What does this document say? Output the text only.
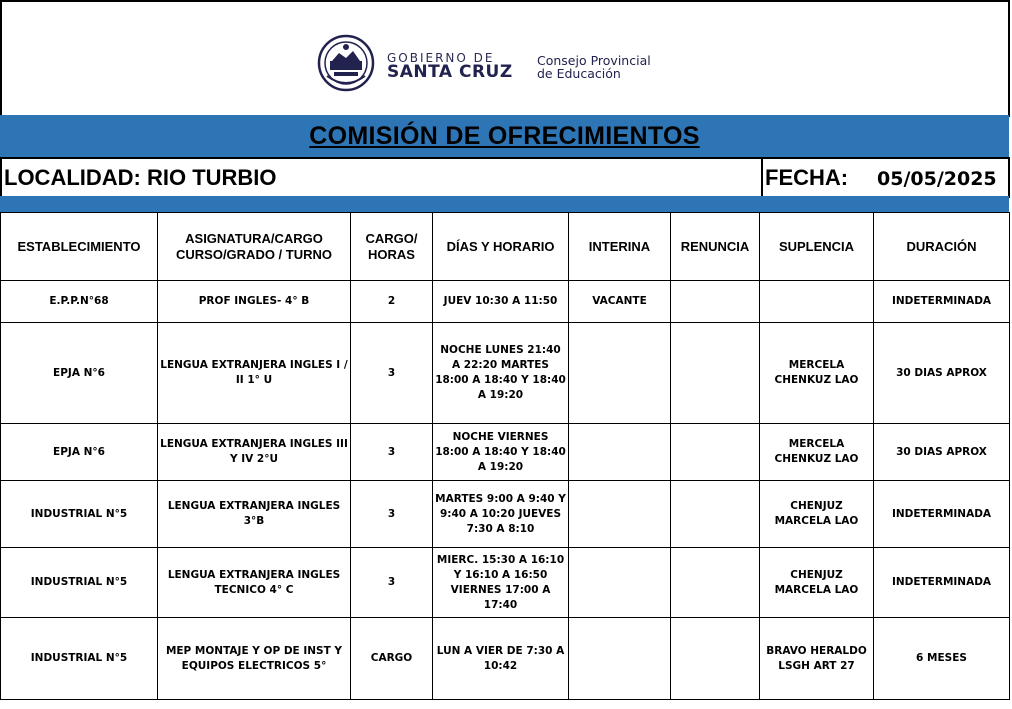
GOBIERNO DE
SANTA CRUZ
Consejo Provincial
de Educación
COMISIÓN DE OFRECIMIENTOS
LOCALIDAD: RIO TURBIO	FECHA: 05/05/2025
ESTABLECIMIENTO	ASIGNATURA/CARGO CURSO/GRADO / TURNO	CARGO/ HORAS	DÍAS Y HORARIO	INTERINA	RENUNCIA	SUPLENCIA	DURACIÓN
E.P.P.N°68	PROF INGLES- 4° B	2	JUEV 10:30 A 11:50	VACANTE			INDETERMINADA
EPJA N°6	LENGUA EXTRANJERA INGLES I / II 1° U	3	NOCHE LUNES 21:40 A 22:20 MARTES 18:00 A 18:40 Y 18:40 A 19:20			MERCELA CHENKUZ LAO	30 DIAS APROX
EPJA N°6	LENGUA EXTRANJERA INGLES III Y IV 2°U	3	NOCHE VIERNES 18:00 A 18:40 Y 18:40 A 19:20			MERCELA CHENKUZ LAO	30 DIAS APROX
INDUSTRIAL N°5	LENGUA EXTRANJERA INGLES 3°B	3	MARTES 9:00 A 9:40 Y 9:40 A 10:20 JUEVES 7:30 A 8:10			CHENJUZ MARCELA LAO	INDETERMINADA
INDUSTRIAL N°5	LENGUA EXTRANJERA INGLES TECNICO 4° C	3	MIERC. 15:30 A 16:10 Y 16:10 A 16:50 VIERNES 17:00 A 17:40			CHENJUZ MARCELA LAO	INDETERMINADA
INDUSTRIAL N°5	MEP MONTAJE Y OP DE INST Y EQUIPOS ELECTRICOS 5°	CARGO	LUN A VIER DE 7:30 A 10:42			BRAVO HERALDO LSGH ART 27	6 MESES
